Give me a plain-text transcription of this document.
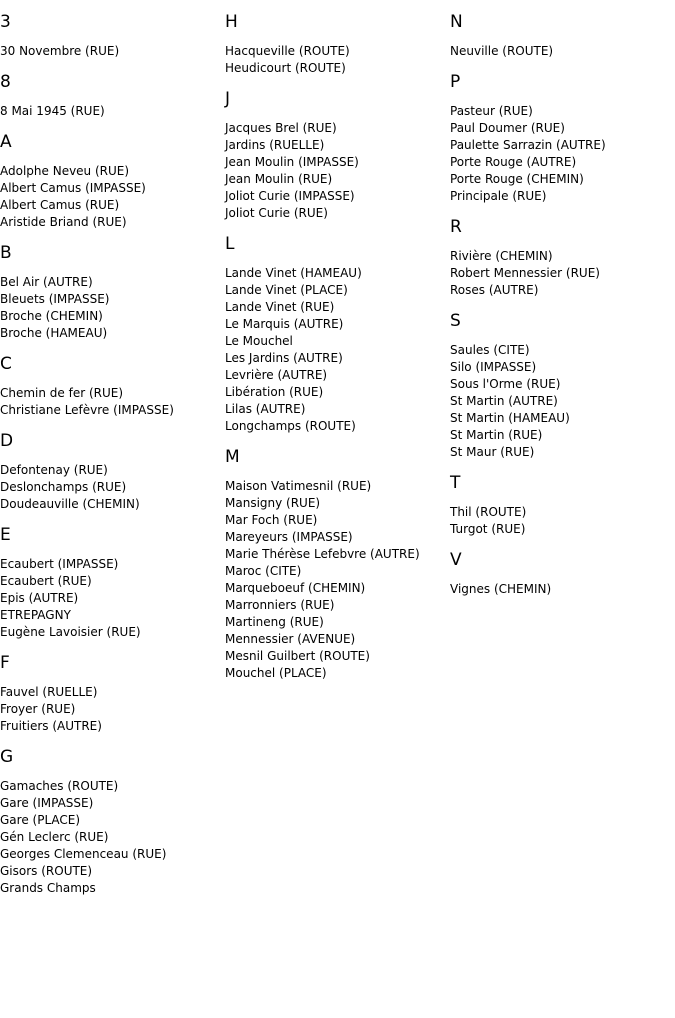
3
30 Novembre (RUE)
8
8 Mai 1945 (RUE)
A
Adolphe Neveu (RUE)
Albert Camus (IMPASSE)
Albert Camus (RUE)
Aristide Briand (RUE)
B
Bel Air (AUTRE)
Bleuets (IMPASSE)
Broche (CHEMIN)
Broche (HAMEAU)
C
Chemin de fer (RUE)
Christiane Lefèvre (IMPASSE)
D
Defontenay (RUE)
Deslonchamps (RUE)
Doudeauville (CHEMIN)
E
Ecaubert (IMPASSE)
Ecaubert (RUE)
Epis (AUTRE)
ETREPAGNY
Eugène Lavoisier (RUE)
F
Fauvel (RUELLE)
Froyer (RUE)
Fruitiers (AUTRE)
G
Gamaches (ROUTE)
Gare (IMPASSE)
Gare (PLACE)
Gén Leclerc (RUE)
Georges Clemenceau (RUE)
Gisors (ROUTE)
Grands Champs
H
Hacqueville (ROUTE)
Heudicourt (ROUTE)
J
Jacques Brel (RUE)
Jardins (RUELLE)
Jean Moulin (IMPASSE)
Jean Moulin (RUE)
Joliot Curie (IMPASSE)
Joliot Curie (RUE)
L
Lande Vinet (HAMEAU)
Lande Vinet (PLACE)
Lande Vinet (RUE)
Le Marquis (AUTRE)
Le Mouchel
Les Jardins (AUTRE)
Levrière (AUTRE)
Libération (RUE)
Lilas (AUTRE)
Longchamps (ROUTE)
M
Maison Vatimesnil (RUE)
Mansigny (RUE)
Mar Foch (RUE)
Mareyeurs (IMPASSE)
Marie Thérèse Lefebvre (AUTRE)
Maroc (CITE)
Marqueboeuf (CHEMIN)
Marronniers (RUE)
Martineng (RUE)
Mennessier (AVENUE)
Mesnil Guilbert (ROUTE)
Mouchel (PLACE)
N
Neuville (ROUTE)
P
Pasteur (RUE)
Paul Doumer (RUE)
Paulette Sarrazin (AUTRE)
Porte Rouge (AUTRE)
Porte Rouge (CHEMIN)
Principale (RUE)
R
Rivière (CHEMIN)
Robert Mennessier (RUE)
Roses (AUTRE)
S
Saules (CITE)
Silo (IMPASSE)
Sous l'Orme (RUE)
St Martin (AUTRE)
St Martin (HAMEAU)
St Martin (RUE)
St Maur (RUE)
T
Thil (ROUTE)
Turgot (RUE)
V
Vignes (CHEMIN)
